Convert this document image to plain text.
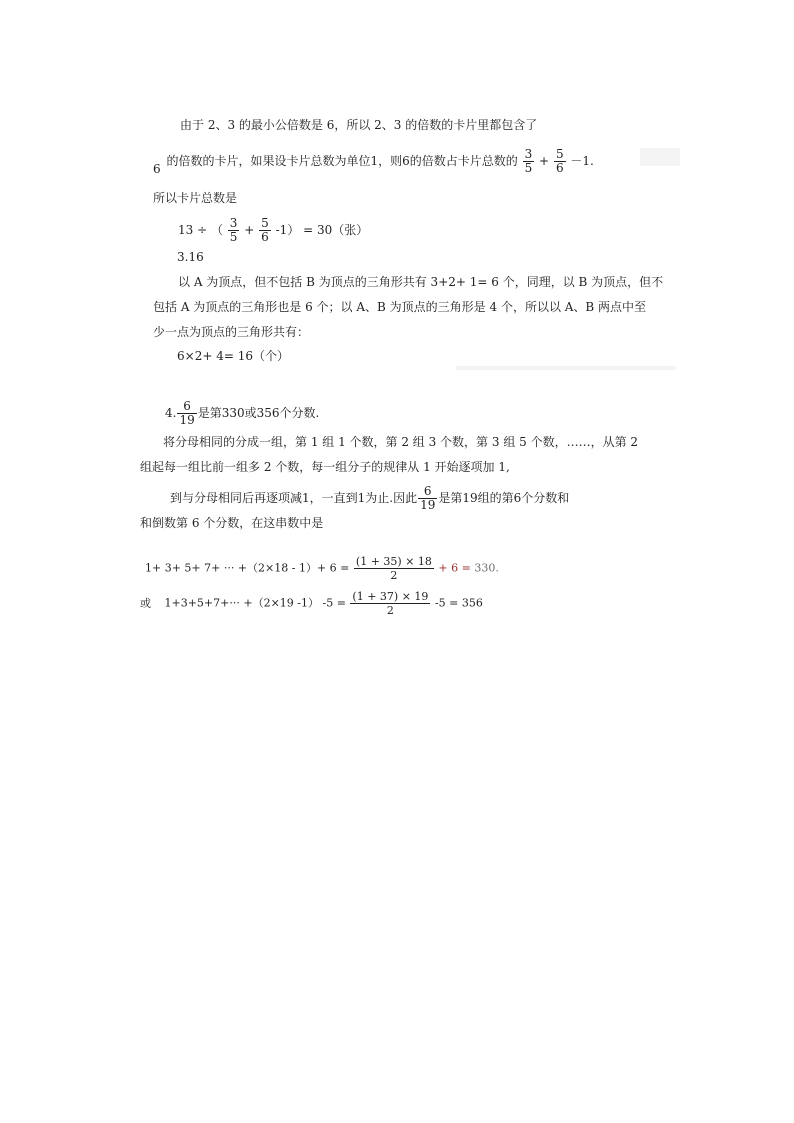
由于 2、3 的最小公倍数是 6，所以 2、3 的倍数的卡片里都包含了
6 的倍数的卡片，如果设卡片总数为单位1，则6的倍数占卡片总数的 $\frac{3}{5} + \frac{5}{6} -1$.
所以卡片总数是
13 ÷ （ $\frac{3}{5} + \frac{5}{6} -1) = 30$（张）
3.16
以 A 为顶点，但不包括 B 为顶点的三角形共有 3+2+ 1= 6 个，同理，以 B 为顶点，但不
包括 A 为顶点的三角形也是 6 个；以 A、B 为顶点的三角形是 4 个，所以以 A、B 两点中至
少一点为顶点的三角形共有：
6×2+ 4= 16（个）
4. $\frac{6}{19}$ 是第330或356个分数.
将分母相同的分成一组，第 1 组 1 个数，第 2 组 3 个数，第 3 组 5 个数，……，从第 2
组起每一组比前一组多 2 个数，每一组分子的规律从 1 开始逐项加 1,
到与分母相同后再逐项减1，一直到1为止.因此 $\frac{6}{19}$ 是第19组的第6个分数和
和倒数第 6 个分数，在这串数中是
1+ 3+ 5+ 7+ ··· $+(2\times 18 - 1)+ 6 = \frac{(1 + 35) \times 18}{2} + 6 = 330$.
或 1+3+5+7+··· +（2×19 -1） $-5 = \frac{(1 + 37) \times 19}{2} -5 = 356$
